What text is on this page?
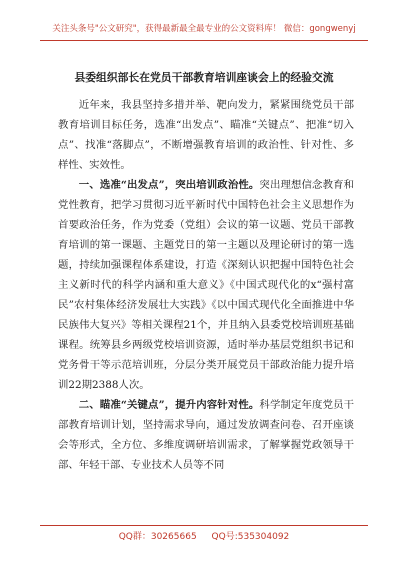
关注头条号"公文研究"，获得最新最全最专业的公文资料库！ 微信：gongwenyj
县委组织部长在党员干部教育培训座谈会上的经验交流

近年来，我县坚持多措并举、靶向发力，紧紧围绕党员干部教育培训目标任务，选准“出发点”、瞄准“关键点”、把准“切入点”、找准“落脚点”，不断增强教育培训的政治性、针对性、多样性、实效性。

一、选准“出发点”，突出培训政治性。突出理想信念教育和党性教育，把学习贯彻习近平新时代中国特色社会主义思想作为首要政治任务，作为党委（党组）会议的第一议题、党员干部教育培训的第一课题、主题党日的第一主题以及理论研讨的第一选题，持续加强课程体系建设，打造《深刻认识把握中国特色社会主义新时代的科学内涵和重大意义》《中国式现代化的x“强村富民”农村集体经济发展壮大实践》《以中国式现代化全面推进中华民族伟大复兴》等相关课程21个，并且纳入县委党校培训班基础课程。统筹县乡两级党校培训资源，适时举办基层党组织书记和党务骨干等示范培训班，分层分类开展党员干部政治能力提升培训22期2388人次。

二、瞄准“关键点”，提升内容针对性。科学制定年度党员干部教育培训计划，坚持需求导向，通过发放调查问卷、召开座谈会等形式，全方位、多维度调研培训需求，了解掌握党政领导干部、年轻干部、专业技术人员等不同

QQ群：30265665 QQ号:535304092
